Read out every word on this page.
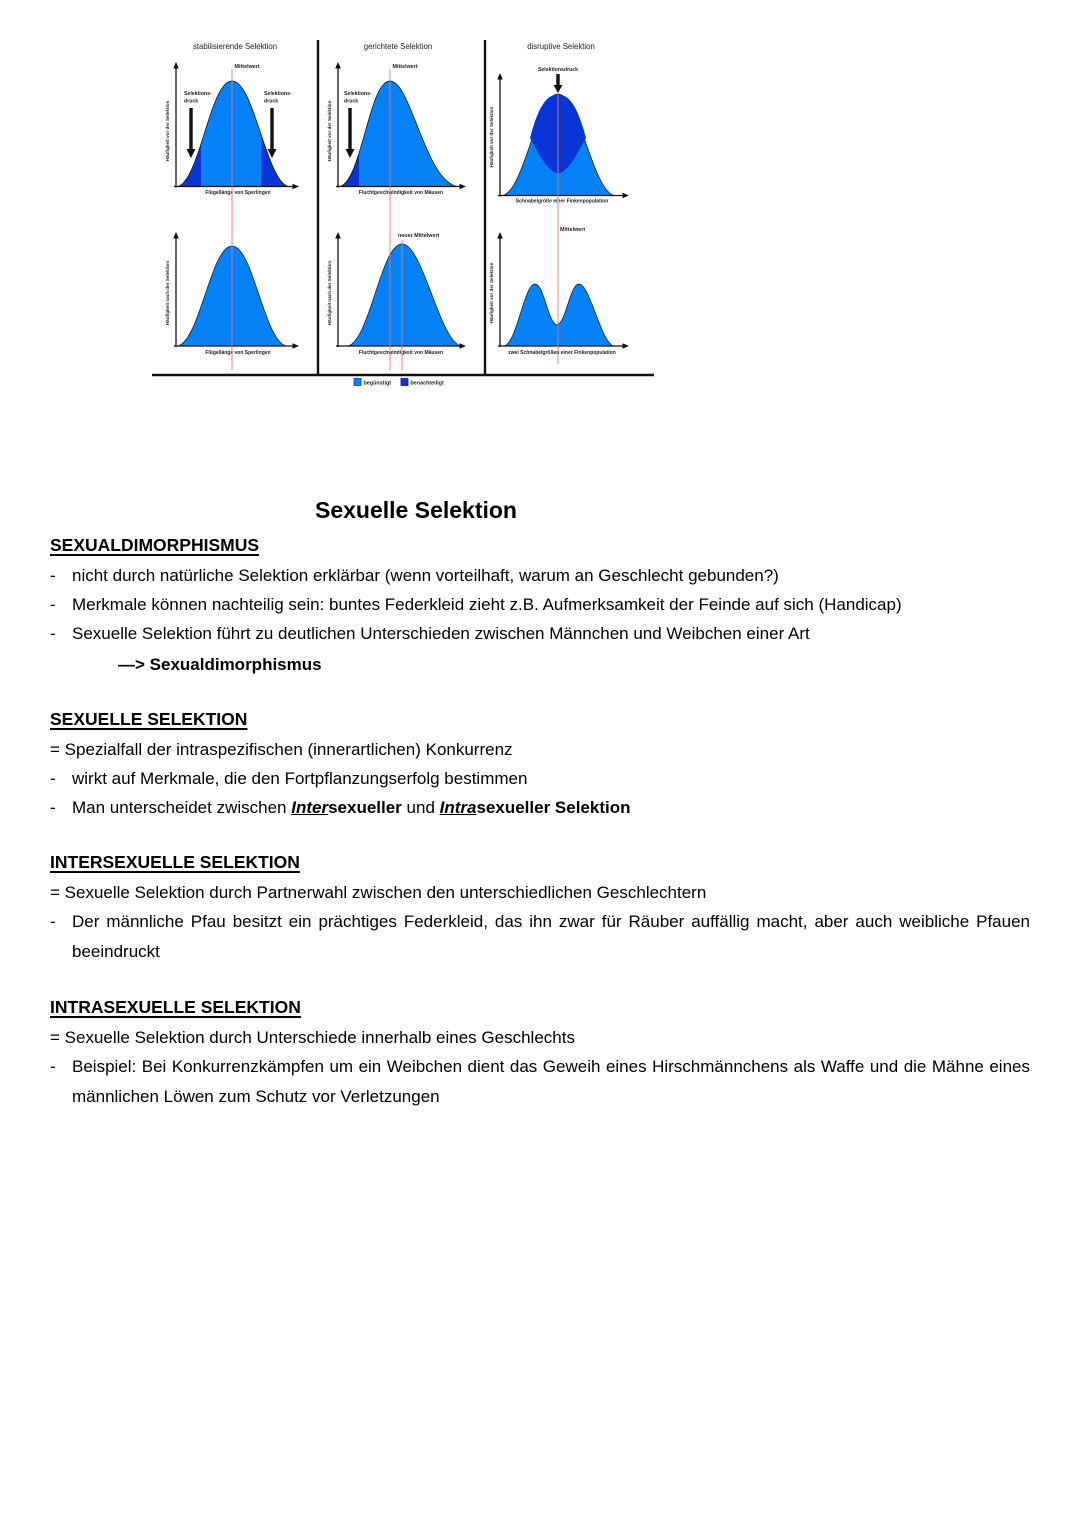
stabilisierende Selektion	gerichtete Selektion	disruptive Selektion
Selektions-
druck
Selektions-
druck
Häufigkeit vor der Selektion
Flügellänge von Sperlingen
Häufigkeit nach der Selektion
Flügellänge von Sperlingen
Mittelwert
Selektions-
druck
Häufigkeit vor der Selektion
Fluchtgeschwindigkeit von Mäusen
Häufigkeit nach der Selektion
Fluchtgeschwindigkeit von Mäusen
Mittelwert
neuer Mittelwert
Selektionsdruck
Häufigkeit vor der Selektion
Schnabelgröße einer Finkenpopulation
Häufigkeit vor der Selektion
zwei Schnabelgrößen einer Finkenpopulation
Mittelwert
begünstigt	benachteiligt
Sexuelle Selektion
SEXUALDIMORPHISMUS
- nicht durch natürliche Selektion erklärbar (wenn vorteilhaft, warum an Geschlecht gebunden?)
- Merkmale können nachteilig sein: buntes Federkleid zieht z.B. Aufmerksamkeit der Feinde auf sich (Handicap)
- Sexuelle Selektion führt zu deutlichen Unterschieden zwischen Männchen und Weibchen einer Art

—> Sexualdimorphismus

SEXUELLE SELEKTION

= Spezialfall der intraspezifischen (innerartlichen) Konkurrenz

- wirkt auf Merkmale, die den Fortpflanzungserfolg bestimmen
- Man unterscheidet zwischen Intersexueller und Intrasexueller Selektion
INTERSEXUELLE SELEKTION

= Sexuelle Selektion durch Partnerwahl zwischen den unterschiedlichen Geschlechtern

- Der männliche Pfau besitzt ein prächtiges Federkleid, das ihn zwar für Räuber auffällig macht, aber auch weibliche Pfauen beeindruckt
INTRASEXUELLE SELEKTION

= Sexuelle Selektion durch Unterschiede innerhalb eines Geschlechts

- Beispiel: Bei Konkurrenzkämpfen um ein Weibchen dient das Geweih eines Hirschmännchens als Waffe und die Mähne eines männlichen Löwen zum Schutz vor Verletzungen
